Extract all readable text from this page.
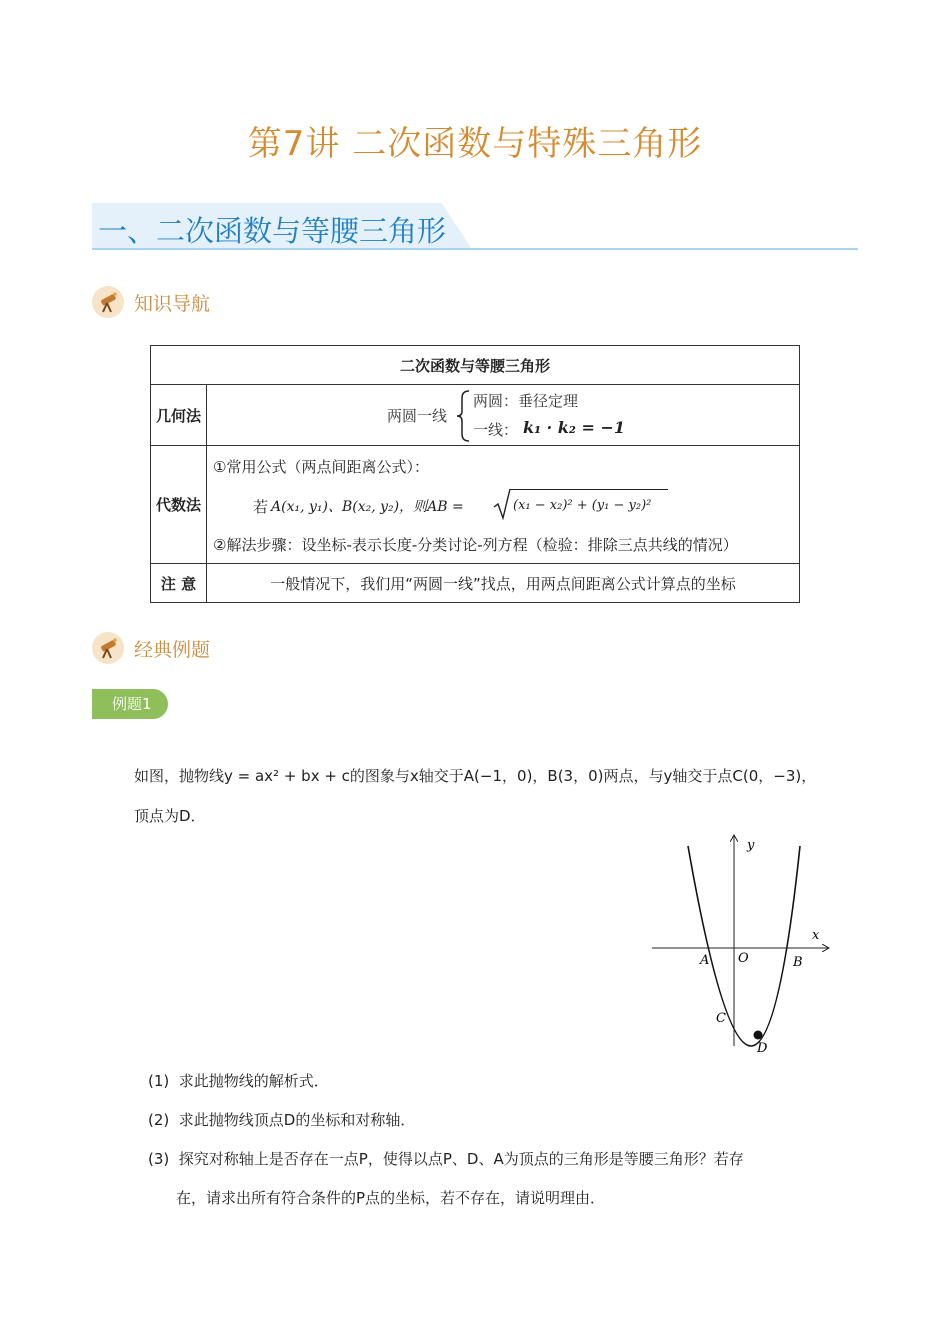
第7讲 二次函数与特殊三角形
一、二次函数与等腰三角形
知识导航
二次函数与等腰三角形
几何法	两圆一线
两圆：垂径定理
一线： k₁ · k₂ = −1
代数法
①常用公式（两点间距离公式）：
若 A(x₁, y₁)、B(x₂, y₂)，则AB =	(x₁ − x₂)² + (y₁ − y₂)²
②解法步骤：设坐标-表示长度-分类讨论-列方程（检验：排除三点共线的情况）
注 意	一般情况下，我们用“两圆一线”找点，用两点间距离公式计算点的坐标
经典例题
例题1
如图，抛物线y = ax² + bx + c的图象与x轴交于A(−1，0)，B(3，0)两点，与y轴交于点C(0，−3)，
顶点为D．
y
x
A O	B
C
D
(1) 求此抛物线的解析式．
(2) 求此抛物线顶点D的坐标和对称轴．
(3) 探究对称轴上是否存在一点P，使得以点P、D、A为顶点的三角形是等腰三角形？若存
在，请求出所有符合条件的P点的坐标，若不存在，请说明理由．
